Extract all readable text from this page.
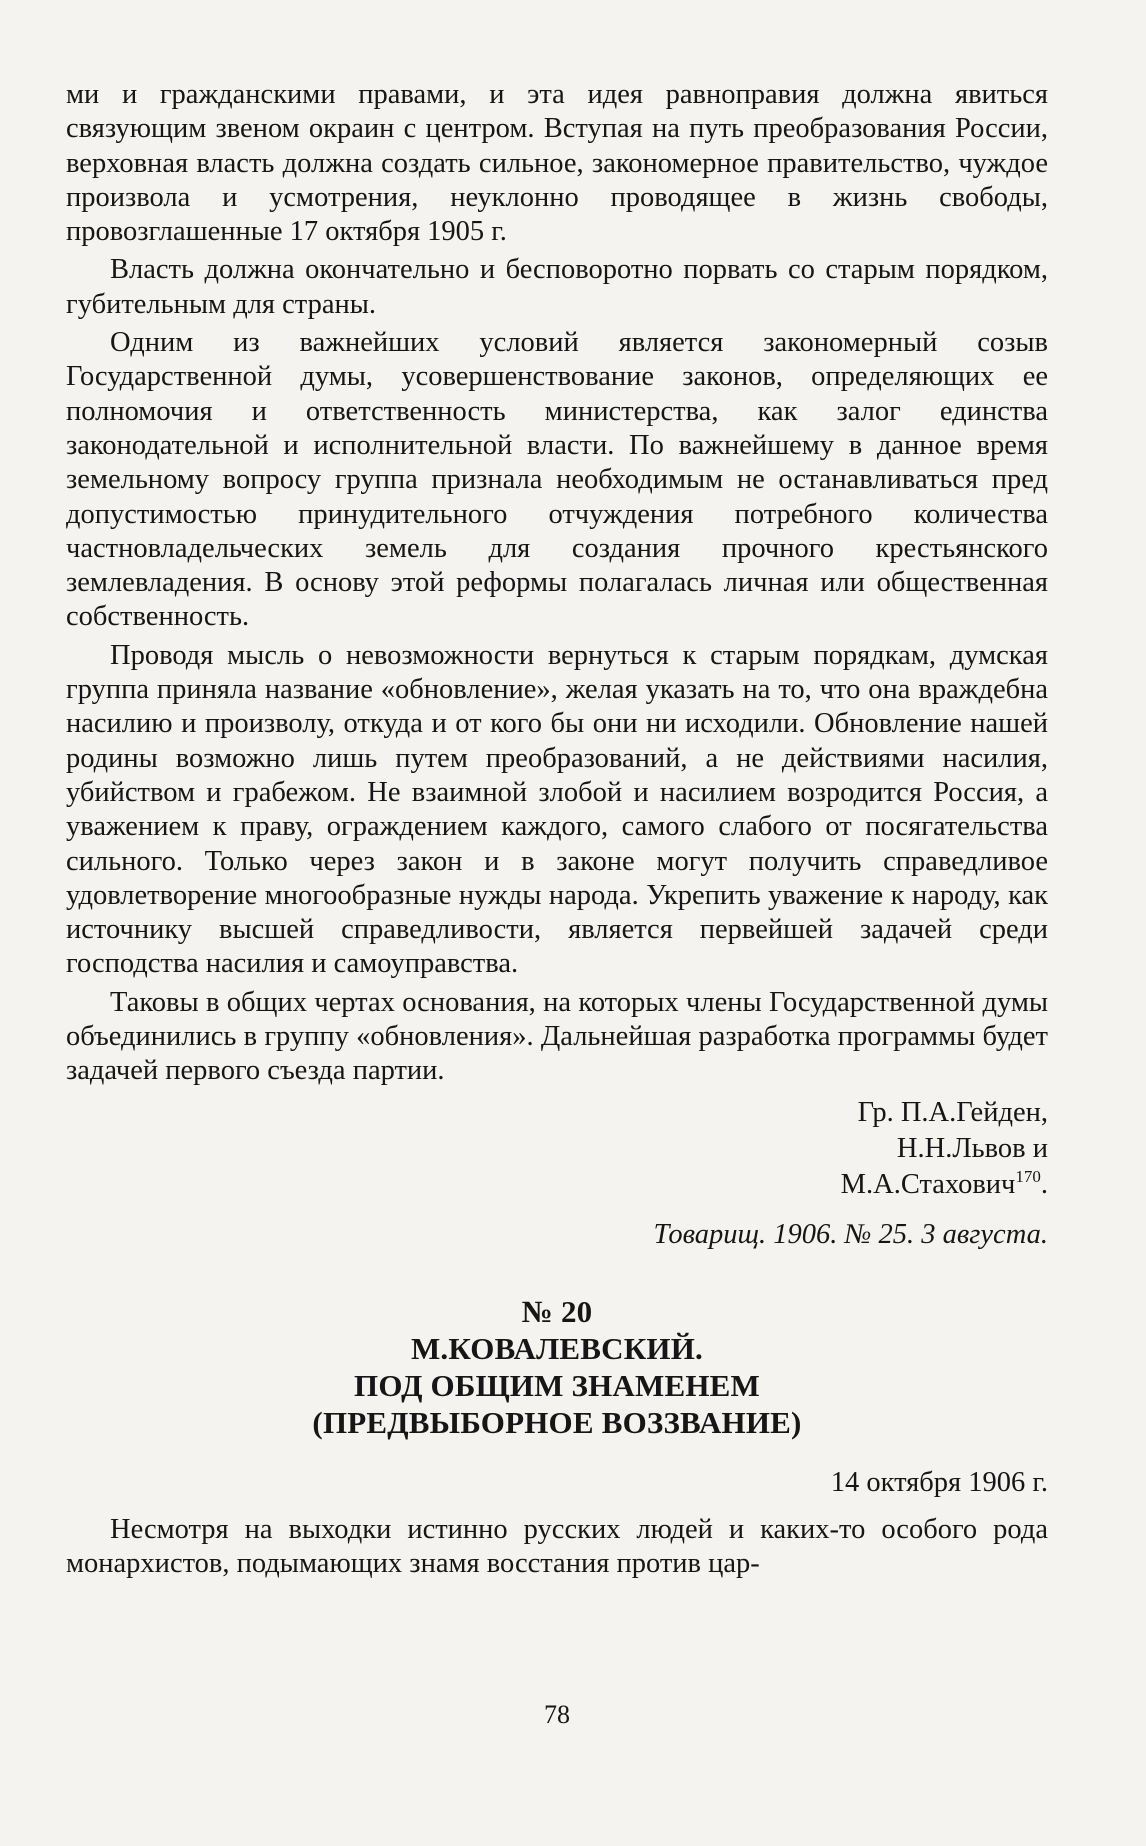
ми и гражданскими правами, и эта идея равноправия должна явиться связующим звеном окраин с центром. Вступая на путь преобразования России, верховная власть должна создать сильное, закономерное правительство, чуждое произвола и усмотрения, неуклонно проводящее в жизнь свободы, провозглашенные 17 октября 1905 г.

Власть должна окончательно и бесповоротно порвать со старым порядком, губительным для страны.

Одним из важнейших условий является закономерный созыв Государственной думы, усовершенствование законов, определяющих ее полномочия и ответственность министерства, как залог единства законодательной и исполнительной власти. По важнейшему в данное время земельному вопросу группа признала необходимым не останавливаться пред допустимостью принудительного отчуждения потребного количества частновладельческих земель для создания прочного крестьянского землевладения. В основу этой реформы полагалась личная или общественная собственность.

Проводя мысль о невозможности вернуться к старым порядкам, думская группа приняла название «обновление», желая указать на то, что она враждебна насилию и произволу, откуда и от кого бы они ни исходили. Обновление нашей родины возможно лишь путем преобразований, а не действиями насилия, убийством и грабежом. Не взаимной злобой и насилием возродится Россия, а уважением к праву, ограждением каждого, самого слабого от посягательства сильного. Только через закон и в законе могут получить справедливое удовлетворение многообразные нужды народа. Укрепить уважение к народу, как источнику высшей справедливости, является первейшей задачей среди господства насилия и самоуправства.

Таковы в общих чертах основания, на которых члены Государственной думы объединились в группу «обновления». Дальнейшая разработка программы будет задачей первого съезда партии.

Гр. П.А.Гейден,
Н.Н.Львов и
М.А.Стахович$^{170}$.
Товарищ. 1906. № 25. 3 августа.
№ 20
М.КОВАЛЕВСКИЙ.
ПОД ОБЩИМ ЗНАМЕНЕМ
(ПРЕДВЫБОРНОЕ ВОЗЗВАНИЕ)
14 октября 1906 г.

Несмотря на выходки истинно русских людей и каких-то особого рода монархистов, подымающих знамя восстания против цар-

78
